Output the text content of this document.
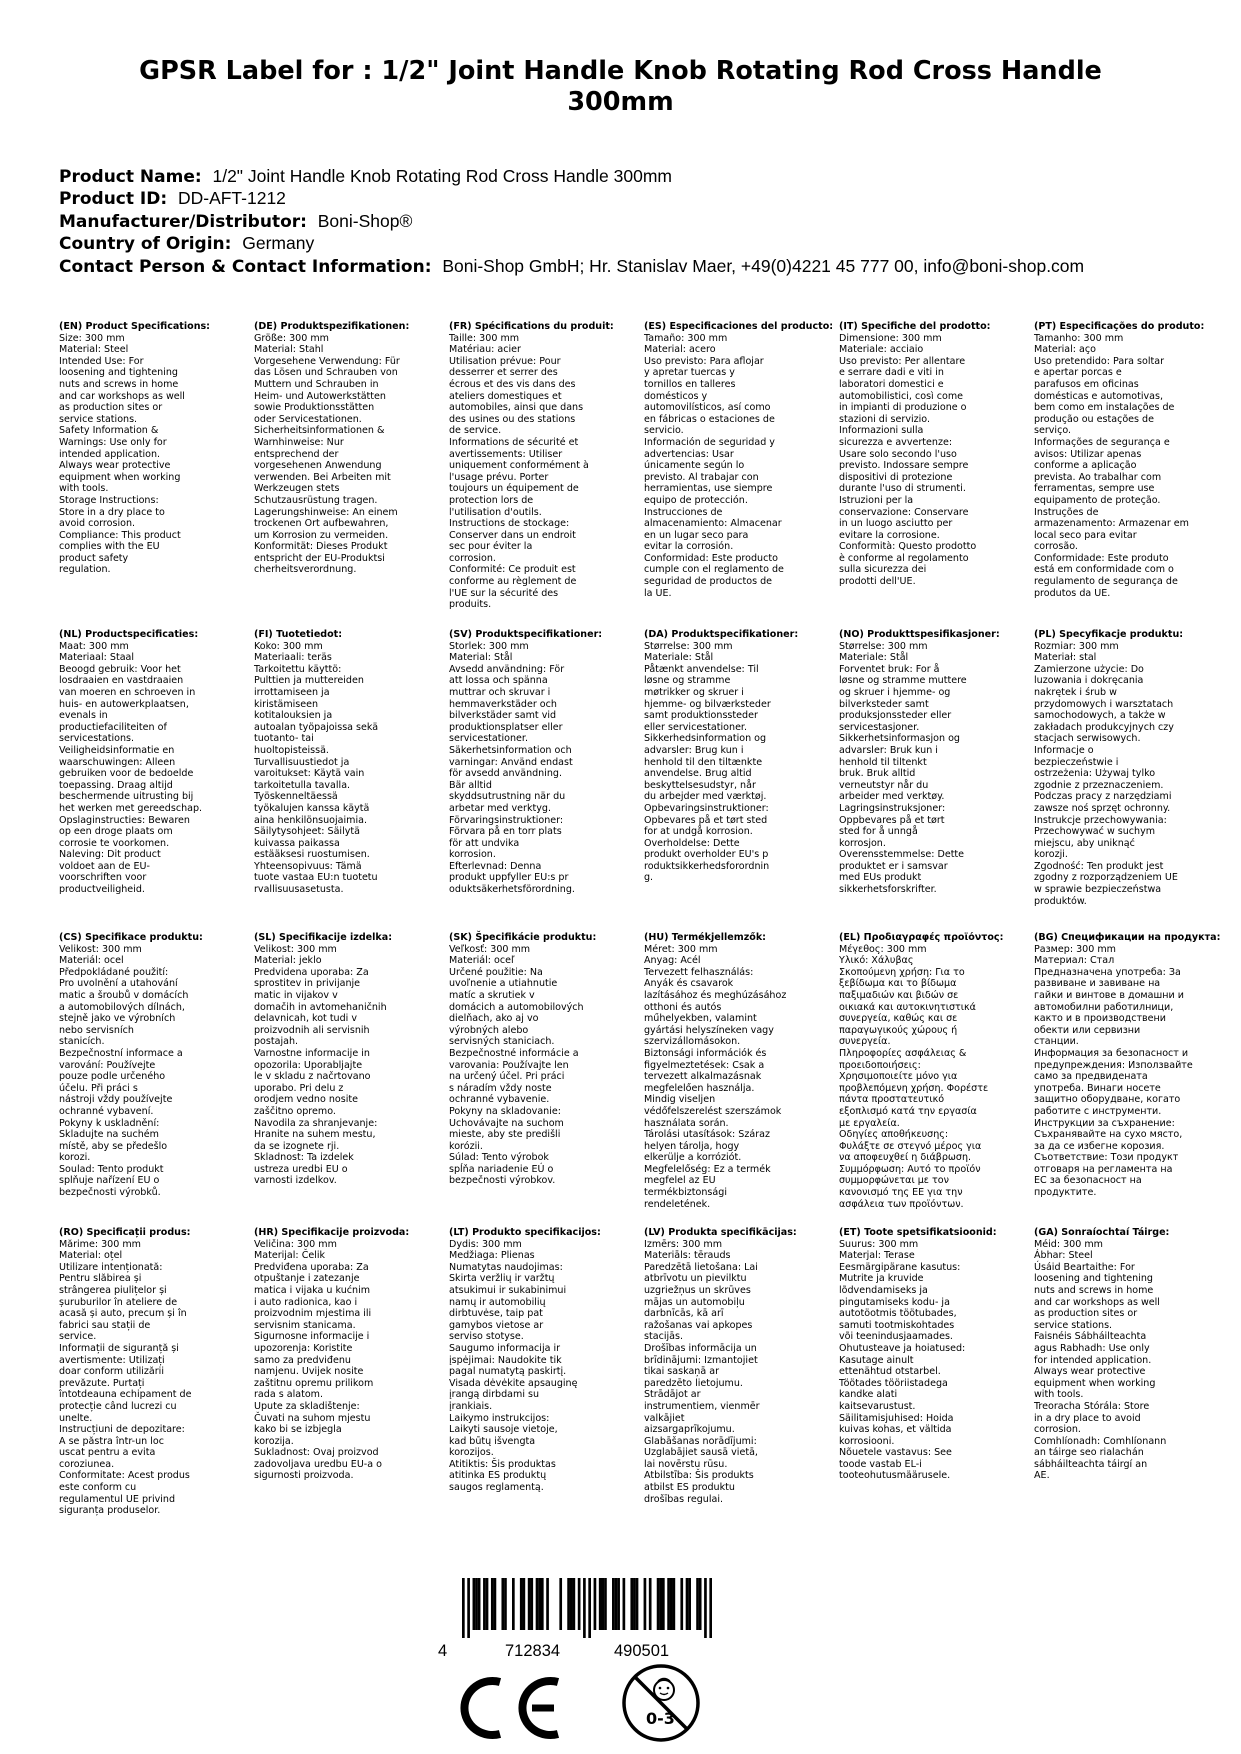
GPSR Label for : 1/2" Joint Handle Knob Rotating Rod Cross Handle
300mm
Product Name: 1/2" Joint Handle Knob Rotating Rod Cross Handle 300mm
Product ID: DD-AFT-1212
Manufacturer/Distributor: Boni-Shop®
Country of Origin: Germany
Contact Person & Contact Information: Boni-Shop GmbH; Hr. Stanislav Maer, +49(0)4221 45 777 00, info@boni-shop.com
(EN) Product Specifications:
Size: 300 mm
Material: Steel
Intended Use: For
loosening and tightening
nuts and screws in home
and car workshops as well
as production sites or
service stations.
Safety Information &
Warnings: Use only for
intended application.
Always wear protective
equipment when working
with tools.
Storage Instructions:
Store in a dry place to
avoid corrosion.
Compliance: This product
complies with the EU
product safety
regulation.
(DE) Produktspezifikationen:
Größe: 300 mm
Material: Stahl
Vorgesehene Verwendung: Für
das Lösen und Schrauben von
Muttern und Schrauben in
Heim- und Autowerkstätten
sowie Produktionsstätten
oder Servicestationen.
Sicherheitsinformationen &
Warnhinweise: Nur
entsprechend der
vorgesehenen Anwendung
verwenden. Bei Arbeiten mit
Werkzeugen stets
Schutzausrüstung tragen.
Lagerungshinweise: An einem
trockenen Ort aufbewahren,
um Korrosion zu vermeiden.
Konformität: Dieses Produkt
entspricht der EU-Produktsi
cherheitsverordnung.
(FR) Spécifications du produit:
Taille: 300 mm
Matériau: acier
Utilisation prévue: Pour
desserrer et serrer des
écrous et des vis dans des
ateliers domestiques et
automobiles, ainsi que dans
des usines ou des stations
de service.
Informations de sécurité et
avertissements: Utiliser
uniquement conformément à
l'usage prévu. Porter
toujours un équipement de
protection lors de
l'utilisation d'outils.
Instructions de stockage:
Conserver dans un endroit
sec pour éviter la
corrosion.
Conformité: Ce produit est
conforme au règlement de
l'UE sur la sécurité des
produits.
(ES) Especificaciones del producto:
Tamaño: 300 mm
Material: acero
Uso previsto: Para aflojar
y apretar tuercas y
tornillos en talleres
domésticos y
automovilísticos, así como
en fábricas o estaciones de
servicio.
Información de seguridad y
advertencias: Usar
únicamente según lo
previsto. Al trabajar con
herramientas, use siempre
equipo de protección.
Instrucciones de
almacenamiento: Almacenar
en un lugar seco para
evitar la corrosión.
Conformidad: Este producto
cumple con el reglamento de
seguridad de productos de
la UE.
(IT) Specifiche del prodotto:
Dimensione: 300 mm
Materiale: acciaio
Uso previsto: Per allentare
e serrare dadi e viti in
laboratori domestici e
automobilistici, così come
in impianti di produzione o
stazioni di servizio.
Informazioni sulla
sicurezza e avvertenze:
Usare solo secondo l'uso
previsto. Indossare sempre
dispositivi di protezione
durante l'uso di strumenti.
Istruzioni per la
conservazione: Conservare
in un luogo asciutto per
evitare la corrosione.
Conformità: Questo prodotto
è conforme al regolamento
sulla sicurezza dei
prodotti dell'UE.
(PT) Especificações do produto:
Tamanho: 300 mm
Material: aço
Uso pretendido: Para soltar
e apertar porcas e
parafusos em oficinas
domésticas e automotivas,
bem como em instalações de
produção ou estações de
serviço.
Informações de segurança e
avisos: Utilizar apenas
conforme a aplicação
prevista. Ao trabalhar com
ferramentas, sempre use
equipamento de proteção.
Instruções de
armazenamento: Armazenar em
local seco para evitar
corrosão.
Conformidade: Este produto
está em conformidade com o
regulamento de segurança de
produtos da UE.
(NL) Productspecificaties:
Maat: 300 mm
Materiaal: Staal
Beoogd gebruik: Voor het
losdraaien en vastdraaien
van moeren en schroeven in
huis- en autowerkplaatsen,
evenals in
productiefaciliteiten of
servicestations.
Veiligheidsinformatie en
waarschuwingen: Alleen
gebruiken voor de bedoelde
toepassing. Draag altijd
beschermende uitrusting bij
het werken met gereedschap.
Opslaginstructies: Bewaren
op een droge plaats om
corrosie te voorkomen.
Naleving: Dit product
voldoet aan de EU-
voorschriften voor
productveiligheid.
(FI) Tuotetiedot:
Koko: 300 mm
Materiaali: teräs
Tarkoitettu käyttö:
Pulttien ja muttereiden
irrottamiseen ja
kiristämiseen
kotitalouksien ja
autoalan työpajoissa sekä
tuotanto- tai
huoltopisteissä.
Turvallisuustiedot ja
varoitukset: Käytä vain
tarkoitetulla tavalla.
Työskenneltäessä
työkalujen kanssa käytä
aina henkilönsuojaimia.
Säilytysohjeet: Säilytä
kuivassa paikassa
estääksesi ruostumisen.
Yhteensopivuus: Tämä
tuote vastaa EU:n tuotetu
rvallisuusasetusta.
(SV) Produktspecifikationer:
Storlek: 300 mm
Material: Stål
Avsedd användning: För
att lossa och spänna
muttrar och skruvar i
hemmaverkstäder och
bilverkstäder samt vid
produktionsplatser eller
servicestationer.
Säkerhetsinformation och
varningar: Använd endast
för avsedd användning.
Bär alltid
skyddsutrustning när du
arbetar med verktyg.
Förvaringsinstruktioner:
Förvara på en torr plats
för att undvika
korrosion.
Efterlevnad: Denna
produkt uppfyller EU:s pr
oduktsäkerhetsförordning.
(DA) Produktspecifikationer:
Størrelse: 300 mm
Materiale: Stål
Påtænkt anvendelse: Til
løsne og stramme
møtrikker og skruer i
hjemme- og bilværksteder
samt produktionssteder
eller servicestationer.
Sikkerhedsinformation og
advarsler: Brug kun i
henhold til den tiltænkte
anvendelse. Brug altid
beskyttelsesudstyr, når
du arbejder med værktøj.
Opbevaringsinstruktioner:
Opbevares på et tørt sted
for at undgå korrosion.
Overholdelse: Dette
produkt overholder EU's p
roduktsikkerhedsforordnin
g.
(NO) Produkttspesifikasjoner:
Størrelse: 300 mm
Materiale: Stål
Forventet bruk: For å
løsne og stramme muttere
og skruer i hjemme- og
bilverksteder samt
produksjonssteder eller
servicestasjoner.
Sikkerhetsinformasjon og
advarsler: Bruk kun i
henhold til tiltenkt
bruk. Bruk alltid
verneutstyr når du
arbeider med verktøy.
Lagringsinstruksjoner:
Oppbevares på et tørt
sted for å unngå
korrosjon.
Overensstemmelse: Dette
produktet er i samsvar
med EUs produkt
sikkerhetsforskrifter.
(PL) Specyfikacje produktu:
Rozmiar: 300 mm
Materiał: stal
Zamierzone użycie: Do
luzowania i dokręcania
nakrętek i śrub w
przydomowych i warsztatach
samochodowych, a także w
zakładach produkcyjnych czy
stacjach serwisowych.
Informacje o
bezpieczeństwie i
ostrzeżenia: Używaj tylko
zgodnie z przeznaczeniem.
Podczas pracy z narzędziami
zawsze noś sprzęt ochronny.
Instrukcje przechowywania:
Przechowywać w suchym
miejscu, aby uniknąć
korozji.
Zgodność: Ten produkt jest
zgodny z rozporządzeniem UE
w sprawie bezpieczeństwa
produktów.
(CS) Specifikace produktu:
Velikost: 300 mm
Materiál: ocel
Předpokládané použití:
Pro uvolnění a utahování
matic a šroubů v domácích
a automobilových dílnách,
stejně jako ve výrobních
nebo servisních
stanicích.
Bezpečnostní informace a
varování: Používejte
pouze podle určeného
účelu. Při práci s
nástroji vždy používejte
ochranné vybavení.
Pokyny k uskladnění:
Skladujte na suchém
místě, aby se předešlo
korozi.
Soulad: Tento produkt
splňuje nařízení EU o
bezpečnosti výrobků.
(SL) Specifikacije izdelka:
Velikost: 300 mm
Material: jeklo
Predvidena uporaba: Za
sprostitev in privijanje
matic in vijakov v
domačih in avtomehaničnih
delavnicah, kot tudi v
proizvodnih ali servisnih
postajah.
Varnostne informacije in
opozorila: Uporabljajte
le v skladu z načrtovano
uporabo. Pri delu z
orodjem vedno nosite
zaščitno opremo.
Navodila za shranjevanje:
Hranite na suhem mestu,
da se izognete rji.
Skladnost: Ta izdelek
ustreza uredbi EU o
varnosti izdelkov.
(SK) Špecifikácie produktu:
Veľkosť: 300 mm
Materiál: oceľ
Určené použitie: Na
uvoľnenie a utiahnutie
matíc a skrutiek v
domácich a automobilových
dielňach, ako aj vo
výrobných alebo
servisných staniciach.
Bezpečnostné informácie a
varovania: Používajte len
na určený účel. Pri práci
s náradím vždy noste
ochranné vybavenie.
Pokyny na skladovanie:
Uchovávajte na suchom
mieste, aby ste predišli
korózii.
Súlad: Tento výrobok
spĺňa nariadenie EÚ o
bezpečnosti výrobkov.
(HU) Termékjellemzők:
Méret: 300 mm
Anyag: Acél
Tervezett felhasználás:
Anyák és csavarok
lazításához és meghúzásához
otthoni és autós
műhelyekben, valamint
gyártási helyszíneken vagy
szervizállomásokon.
Biztonsági információk és
figyelmeztetések: Csak a
tervezett alkalmazásnak
megfelelően használja.
Mindig viseljen
védőfelszerelést szerszámok
használata során.
Tárolási utasítások: Száraz
helyen tárolja, hogy
elkerülje a korróziót.
Megfelelőség: Ez a termék
megfelel az EU
termékbiztonsági
rendeletének.
(EL) Προδιαγραφές προϊόντος:
Μέγεθος: 300 mm
Υλικό: Χάλυβας
Σκοπούμενη χρήση: Για το
ξεβίδωμα και το βίδωμα
παξιμαδιών και βιδών σε
οικιακά και αυτοκινητιστικά
συνεργεία, καθώς και σε
παραγωγικούς χώρους ή
συνεργεία.
Πληροφορίες ασφάλειας &
προειδοποιήσεις:
Χρησιμοποιείτε μόνο για
προβλεπόμενη χρήση. Φορέστε
πάντα προστατευτικό
εξοπλισμό κατά την εργασία
με εργαλεία.
Οδηγίες αποθήκευσης:
Φυλάξτε σε στεγνό μέρος για
να αποφευχθεί η διάβρωση.
Συμμόρφωση: Αυτό το προϊόν
συμμορφώνεται με τον
κανονισμό της ΕΕ για την
ασφάλεια των προϊόντων.
(BG) Спецификации на продукта:
Размер: 300 mm
Материал: Стал
Предназначена употреба: За
развиване и завиване на
гайки и винтове в домашни и
автомобилни работилници,
както и в производствени
обекти или сервизни
станции.
Информация за безопасност и
предупреждения: Използвайте
само за предвидената
употреба. Винаги носете
защитно оборудване, когато
работите с инструменти.
Инструкции за съхранение:
Съхранявайте на сухо място,
за да се избегне корозия.
Съответствие: Този продукт
отговаря на регламента на
ЕС за безопасност на
продуктите.
(RO) Specificații produs:
Mărime: 300 mm
Material: oțel
Utilizare intenționată:
Pentru slăbirea și
strângerea piulițelor și
șuruburilor în ateliere de
acasă și auto, precum și în
fabrici sau stații de
service.
Informații de siguranță și
avertismente: Utilizați
doar conform utilizării
prevăzute. Purtați
întotdeauna echipament de
protecție când lucrezi cu
unelte.
Instrucțiuni de depozitare:
A se păstra într-un loc
uscat pentru a evita
coroziunea.
Conformitate: Acest produs
este conform cu
regulamentul UE privind
siguranța produselor.
(HR) Specifikacije proizvoda:
Veličina: 300 mm
Materijal: Čelik
Predviđena uporaba: Za
otpuštanje i zatezanje
matica i vijaka u kućnim
i auto radionica, kao i
proizvodnim mjestima ili
servisnim stanicama.
Sigurnosne informacije i
upozorenja: Koristite
samo za predviđenu
namjenu. Uvijek nosite
zaštitnu opremu prilikom
rada s alatom.
Upute za skladištenje:
Čuvati na suhom mjestu
kako bi se izbjegla
korozija.
Sukladnost: Ovaj proizvod
zadovoljava uredbu EU-a o
sigurnosti proizvoda.
(LT) Produkto specifikacijos:
Dydis: 300 mm
Medžiaga: Plienas
Numatytas naudojimas:
Skirta veržlių ir varžtų
atsukimui ir sukabinimui
namų ir automobilių
dirbtuvėse, taip pat
gamybos vietose ar
serviso stotyse.
Saugumo informacija ir
įspėjimai: Naudokite tik
pagal numatytą paskirtį.
Visada dėvėkite apsauginę
įrangą dirbdami su
įrankiais.
Laikymo instrukcijos:
Laikyti sausoje vietoje,
kad būtų išvengta
korozijos.
Atitiktis: Šis produktas
atitinka ES produktų
saugos reglamentą.
(LV) Produkta specifikācijas:
Izmērs: 300 mm
Materiāls: tērauds
Paredzētā lietošana: Lai
atbrīvotu un pievilktu
uzgriežņus un skrūves
mājas un automobiļu
darbnīcās, kā arī
ražošanas vai apkopes
stacijās.
Drošības informācija un
brīdinājumi: Izmantojiet
tikai saskaņā ar
paredzēto lietojumu.
Strādājot ar
instrumentiem, vienmēr
valkājiet
aizsargaprīkojumu.
Glabāšanas norādījumi:
Uzglabājiet sausā vietā,
lai novērstu rūsu.
Atbilstība: Šis produkts
atbilst ES produktu
drošības regulai.
(ET) Toote spetsifikatsioonid:
Suurus: 300 mm
Materjal: Terase
Eesmärgipärane kasutus:
Mutrite ja kruvide
lõdvendamiseks ja
pingutamiseks kodu- ja
autotöotmis töötubades,
samuti tootmiskohtades
või teenindusjaamades.
Ohutusteave ja hoiatused:
Kasutage ainult
ettenähtud otstarbel.
Töötades tööriistadega
kandke alati
kaitsevarustust.
Säilitamisjuhised: Hoida
kuivas kohas, et vältida
korrosiooni.
Nõuetele vastavus: See
toode vastab EL-i
tooteohutusmäärusele.
(GA) Sonraíochtaí Táirge:
Méid: 300 mm
Ábhar: Steel
Úsáid Beartaithe: For
loosening and tightening
nuts and screws in home
and car workshops as well
as production sites or
service stations.
Faisnéis Sábháilteachta
agus Rabhadh: Use only
for intended application.
Always wear protective
equipment when working
with tools.
Treoracha Stórála: Store
in a dry place to avoid
corrosion.
Comhlíonadh: Comhlíonann
an táirge seo rialachán
sábháilteachta táirgí an
AE.
4	712834	490501
0-3
